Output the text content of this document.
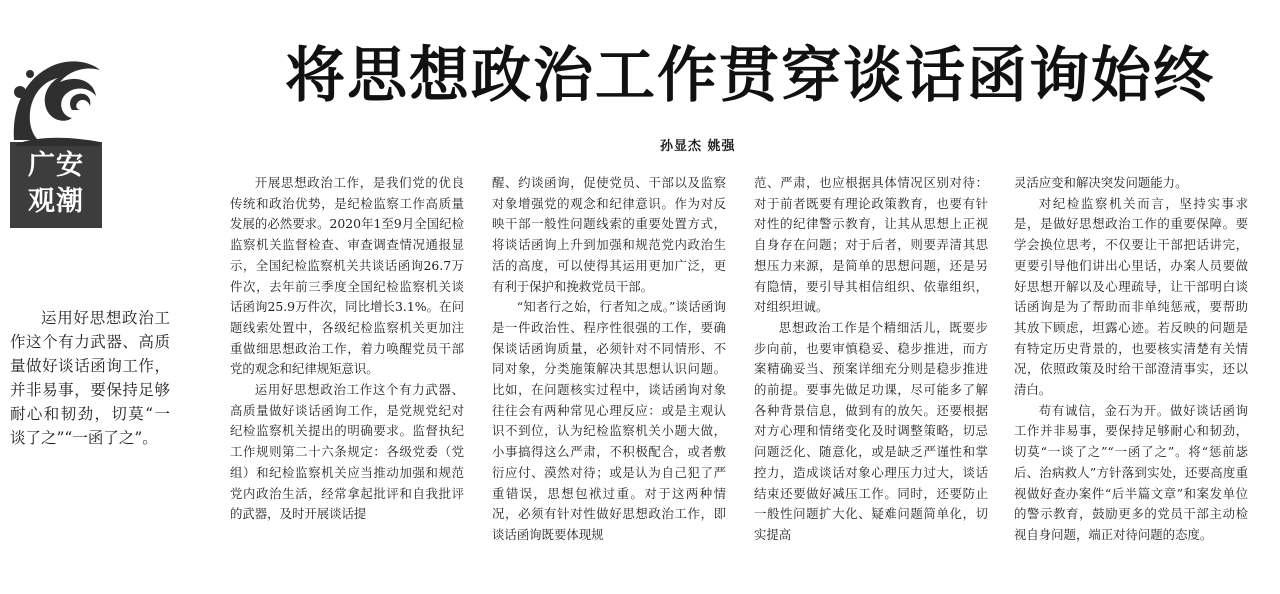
广安
观潮
将思想政治工作贯穿谈话函询始终
孙显杰 姚强

运用好思想政治工作这个有力武器、高质量做好谈话函询工作，并非易事，要保持足够耐心和韧劲，切莫“一谈了之”“一函了之”。

开展思想政治工作，是我们党的优良传统和政治优势，是纪检监察工作高质量发展的必然要求。2020年1至9月全国纪检监察机关监督检查、审查调查情况通报显示，全国纪检监察机关共谈话函询26.7万件次，去年前三季度全国纪检监察机关谈话函询25.9万件次，同比增长3.1%。在问题线索处置中，各级纪检监察机关更加注重做细思想政治工作，着力唤醒党员干部党的观念和纪律规矩意识。

运用好思想政治工作这个有力武器、高质量做好谈话函询工作，是党规党纪对纪检监察机关提出的明确要求。监督执纪工作规则第二十六条规定：各级党委（党组）和纪检监察机关应当推动加强和规范党内政治生活，经常拿起批评和自我批评的武器，及时开展谈话提

醒、约谈函询，促使党员、干部以及监察对象增强党的观念和纪律意识。作为对反映干部一般性问题线索的重要处置方式，将谈话函询上升到加强和规范党内政治生活的高度，可以使得其运用更加广泛，更有利于保护和挽救党员干部。

“知者行之始，行者知之成。”谈话函询是一件政治性、程序性很强的工作，要确保谈话函询质量，必须针对不同情形、不同对象，分类施策解决其思想认识问题。比如，在问题核实过程中，谈话函询对象往往会有两种常见心理反应：或是主观认识不到位，认为纪检监察机关小题大做，小事搞得这么严肃，不积极配合，或者敷衍应付、漠然对待；或是认为自己犯了严重错误，思想包袱过重。对于这两种情况，必须有针对性做好思想政治工作，即谈话函询既要体现规

范、严肃，也应根据具体情况区别对待：对于前者既要有理论政策教育，也要有针对性的纪律警示教育，让其从思想上正视自身存在问题；对于后者，则要弄清其思想压力来源，是简单的思想问题，还是另有隐情，要引导其相信组织、依靠组织，对组织坦诚。

思想政治工作是个精细活儿，既要步步向前，也要审慎稳妥、稳步推进，而方案精确妥当、预案详细充分则是稳步推进的前提。要事先做足功课，尽可能多了解各种背景信息，做到有的放矢。还要根据对方心理和情绪变化及时调整策略，切忌问题泛化、随意化，或是缺乏严谨性和掌控力，造成谈话对象心理压力过大，谈话结束还要做好减压工作。同时，还要防止一般性问题扩大化、疑难问题简单化，切实提高

灵活应变和解决突发问题能力。

对纪检监察机关而言，坚持实事求是，是做好思想政治工作的重要保障。要学会换位思考，不仅要让干部把话讲完，更要引导他们讲出心里话，办案人员要做好思想开解以及心理疏导，让干部明白谈话函询是为了帮助而非单纯惩戒，要帮助其放下顾虑，坦露心迹。若反映的问题是有特定历史背景的，也要核实清楚有关情况，依照政策及时给干部澄清事实，还以清白。

苟有诚信，金石为开。做好谈话函询工作并非易事，要保持足够耐心和韧劲，切莫“一谈了之”“一函了之”。将“惩前毖后、治病救人”方针落到实处，还要高度重视做好查办案件“后半篇文章”和案发单位的警示教育，鼓励更多的党员干部主动检视自身问题，端正对待问题的态度。
